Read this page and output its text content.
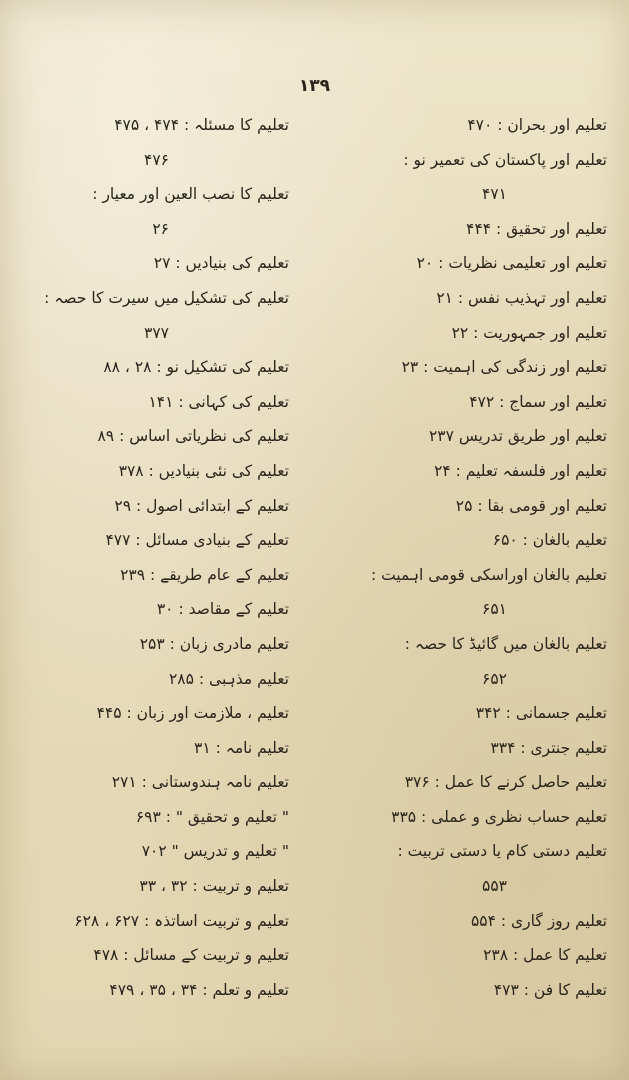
۱۳۹
تعلیم اور بحران : ۴۷۰
تعلیم اور پاکستان کی تعمیر نو :
۴۷۱
تعلیم اور تحقیق : ۴۴۴
تعلیم اور تعلیمی نظریات : ۲۰
تعلیم اور تہذیب نفس : ۲۱
تعلیم اور جمہوریت : ۲۲
تعلیم اور زندگی کی اہمیت : ۲۳
تعلیم اور سماج : ۴۷۲
تعلیم اور طریق تدریس ۲۳۷
تعلیم اور فلسفہ تعلیم : ۲۴
تعلیم اور قومی بقا : ۲۵
تعلیم بالغان : ۶۵۰
تعلیم بالغان اوراسکی قومی اہمیت :
۶۵۱
تعلیم بالغان میں گائیڈ کا حصہ :
۶۵۲
تعلیم جسمانی : ۳۴۲
تعلیم جنتری : ۳۳۴
تعلیم حاصل کرنے کا عمل : ۳۷۶
تعلیم حساب نظری و عملی : ۳۳۵
تعلیم دستی کام یا دستی تربیت :
۵۵۳
تعلیم روز گاری : ۵۵۴
تعلیم کا عمل : ۲۳۸
تعلیم کا فن : ۴۷۳
تعلیم کا مسئلہ : ۴۷۴ ، ۴۷۵
۴۷۶
تعلیم کا نصب العین اور معیار :
۲۶
تعلیم کی بنیادیں : ۲۷
تعلیم کی تشکیل میں سیرت کا حصہ :
۳۷۷
تعلیم کی تشکیل نو : ۲۸ ، ۸۸
تعلیم کی کہانی : ۱۴۱
تعلیم کی نظریاتی اساس : ۸۹
تعلیم کی نئی بنیادیں : ۳۷۸
تعلیم کے ابتدائی اصول : ۲۹
تعلیم کے بنیادی مسائل : ۴۷۷
تعلیم کے عام طریقے : ۲۳۹
تعلیم کے مقاصد : ۳۰
تعلیم مادری زبان : ۲۵۳
تعلیم مذہبی : ۲۸۵
تعلیم ، ملازمت اور زبان : ۴۴۵
تعلیم نامہ : ۳۱
تعلیم نامہ ہندوستانی : ۲۷۱
" تعلیم و تحقیق " : ۶۹۳
" تعلیم و تدریس " ۷۰۲
تعلیم و تربیت : ۳۲ ، ۳۳
تعلیم و تربیت اساتذہ : ۶۲۷ ، ۶۲۸
تعلیم و تربیت کے مسائل : ۴۷۸
تعلیم و تعلم : ۳۴ ، ۳۵ ، ۴۷۹
